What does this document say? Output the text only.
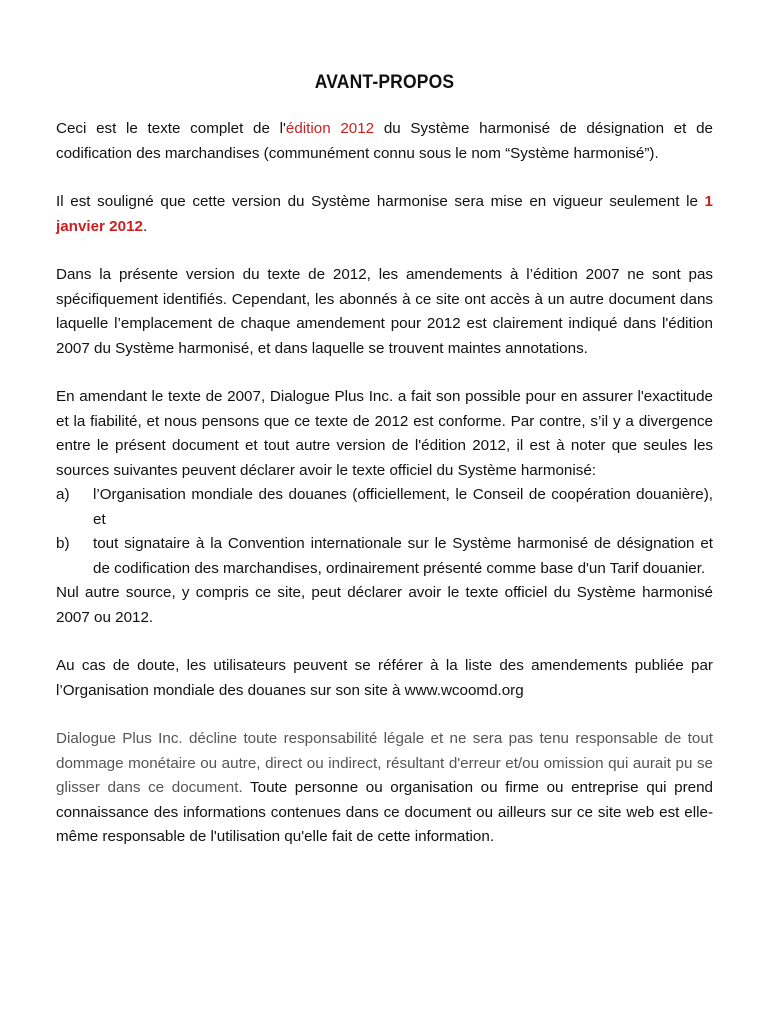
AVANT-PROPOS

Ceci est le texte complet de l'édition 2012 du Système harmonisé de désignation et de codification des marchandises (communément connu sous le nom “Système harmonisé”).

Il est souligné que cette version du Système harmonise sera mise en vigueur seulement le 1 janvier 2012.

Dans la présente version du texte de 2012, les amendements à l’édition 2007 ne sont pas spécifiquement identifiés. Cependant, les abonnés à ce site ont accès à un autre document dans laquelle l’emplacement de chaque amendement pour 2012 est clairement indiqué dans l'édition 2007 du Système harmonisé, et dans laquelle se trouvent maintes annotations.

En amendant le texte de 2007, Dialogue Plus Inc. a fait son possible pour en assurer l'exactitude et la fiabilité, et nous pensons que ce texte de 2012 est conforme. Par contre, s’il y a divergence entre le présent document et tout autre version de l'édition 2012, il est à noter que seules les sources suivantes peuvent déclarer avoir le texte officiel du Système harmonisé:

a)	l’Organisation mondiale des douanes (officiellement, le Conseil de coopération douanière), et
b)	tout signataire à la Convention internationale sur le Système harmonisé de désignation et de codification des marchandises, ordinairement présenté comme base d'un Tarif douanier.

Nul autre source, y compris ce site, peut déclarer avoir le texte officiel du Système harmonisé 2007 ou 2012.

Au cas de doute, les utilisateurs peuvent se référer à la liste des amendements publiée par l’Organisation mondiale des douanes sur son site à www.wcoomd.org

Dialogue Plus Inc. décline toute responsabilité légale et ne sera pas tenu responsable de tout dommage monétaire ou autre, direct ou indirect, résultant d'erreur et/ou omission qui aurait pu se glisser dans ce document. Toute personne ou organisation ou firme ou entreprise qui prend connaissance des informations contenues dans ce document ou ailleurs sur ce site web est elle-même responsable de l'utilisation qu'elle fait de cette information.
